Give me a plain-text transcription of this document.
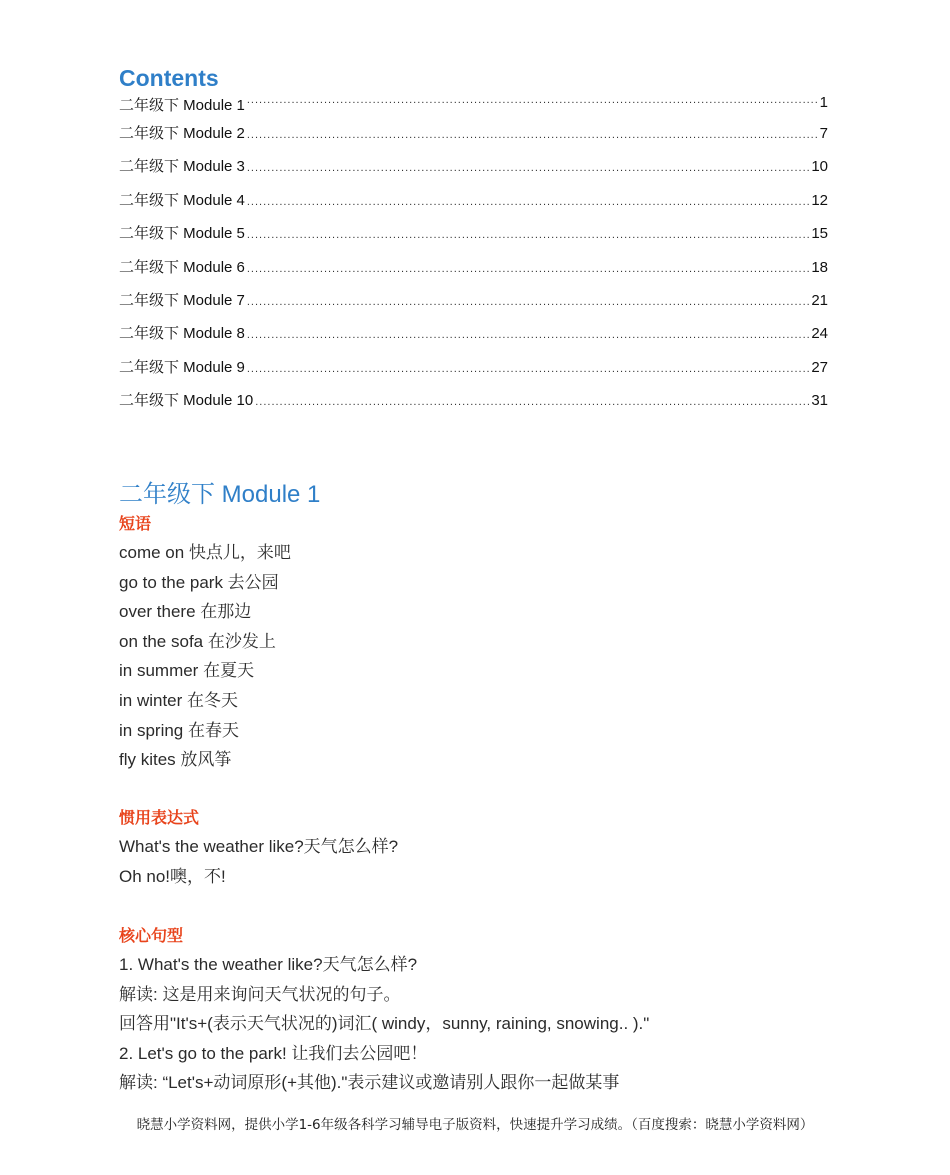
Contents
二年级下 Module 1 .....	1
二年级下 Module 2 .....	7
二年级下 Module 3 .....	10
二年级下 Module 4 .....	12
二年级下 Module 5 .....	15
二年级下 Module 6 .....	18
二年级下 Module 7 .....	21
二年级下 Module 8 .....	24
二年级下 Module 9 .....	27
二年级下 Module 10 .....	31
二年级下 Module 1
短语
come on 快点儿，来吧
go to the park 去公园
over there 在那边
on the sofa 在沙发上
in summer 在夏天
in winter 在冬天
in spring 在春天
fly kites 放风筝
惯用表达式
What's the weather like?天气怎么样?
Oh no!噢，不!
核心句型
1. What's the weather like?天气怎么样?
解读: 这是用来询问天气状况的句子。
回答用"It's+(表示天气状况的)词汇( windy，sunny, raining, snowing.. )."
2. Let's go to the park! 让我们去公园吧！
解读: “Let's+动词原形(+其他)."表示建议或邀请别人跟你一起做某事
晓慧小学资料网，提供小学1-6年级各科学习辅导电子版资料，快速提升学习成绩。（百度搜索：晓慧小学资料网）
